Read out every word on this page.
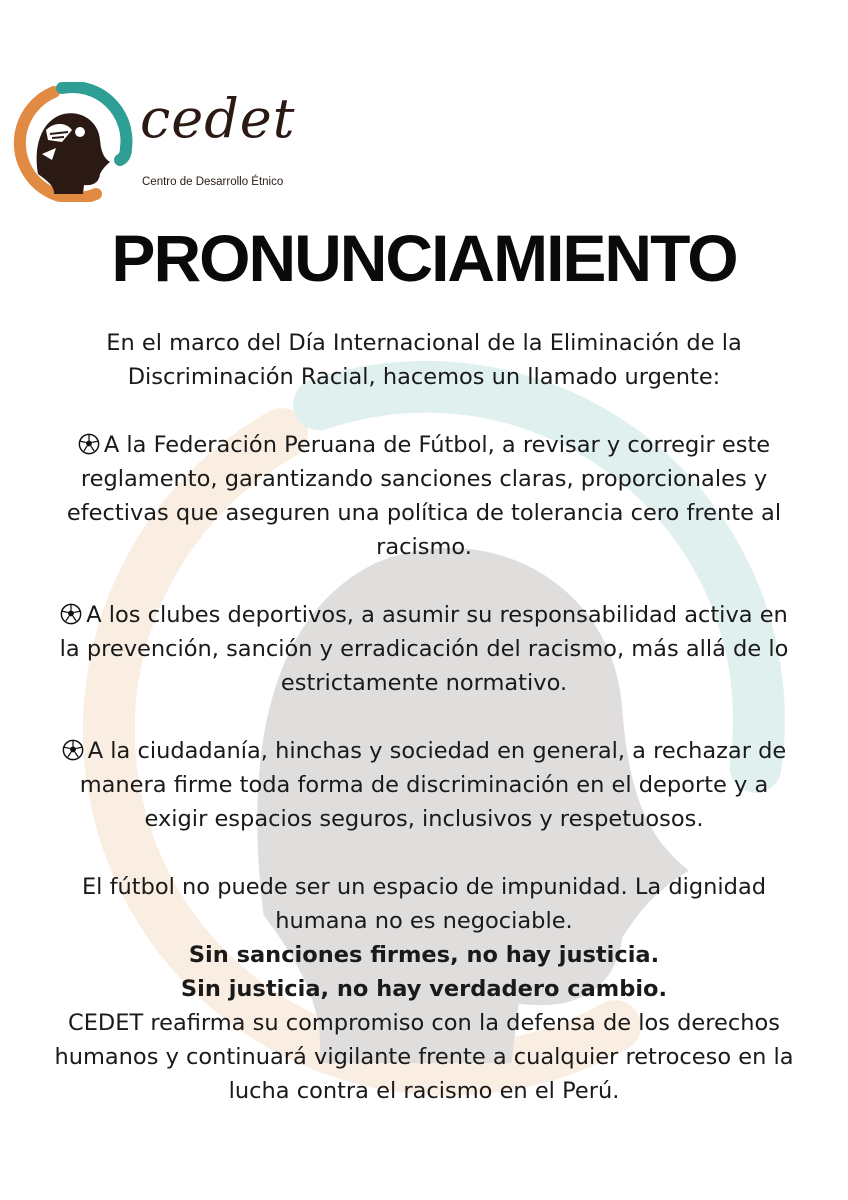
cedet
Centro de Desarrollo Étnico
PRONUNCIAMIENTO

En el marco del Día Internacional de la Eliminación de la Discriminación Racial, hacemos un llamado urgente:

A la Federación Peruana de Fútbol, a revisar y corregir este reglamento, garantizando sanciones claras, proporcionales y efectivas que aseguren una política de tolerancia cero frente al racismo.

A los clubes deportivos, a asumir su responsabilidad activa en la prevención, sanción y erradicación del racismo, más allá de lo estrictamente normativo.

A la ciudadanía, hinchas y sociedad en general, a rechazar de manera firme toda forma de discriminación en el deporte y a exigir espacios seguros, inclusivos y respetuosos.

El fútbol no puede ser un espacio de impunidad. La dignidad humana no es negociable.

Sin sanciones firmes, no hay justicia.

Sin justicia, no hay verdadero cambio.

CEDET reafirma su compromiso con la defensa de los derechos humanos y continuará vigilante frente a cualquier retroceso en la lucha contra el racismo en el Perú.
